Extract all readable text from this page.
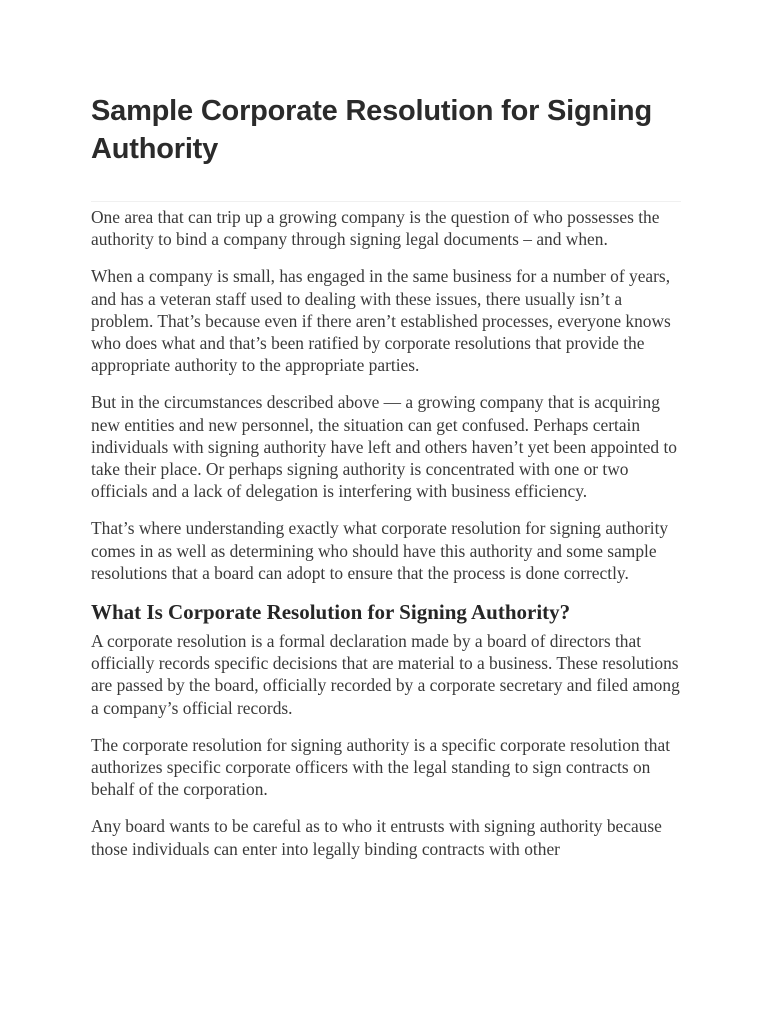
Sample Corporate Resolution for Signing Authority

One area that can trip up a growing company is the question of who possesses the authority to bind a company through signing legal documents – and when.

When a company is small, has engaged in the same business for a number of years, and has a veteran staff used to dealing with these issues, there usually isn’t a problem. That’s because even if there aren’t established processes, everyone knows who does what and that’s been ratified by corporate resolutions that provide the appropriate authority to the appropriate parties.

But in the circumstances described above — a growing company that is acquiring new entities and new personnel, the situation can get confused. Perhaps certain individuals with signing authority have left and others haven’t yet been appointed to take their place. Or perhaps signing authority is concentrated with one or two officials and a lack of delegation is interfering with business efficiency.

That’s where understanding exactly what corporate resolution for signing authority comes in as well as determining who should have this authority and some sample resolutions that a board can adopt to ensure that the process is done correctly.

What Is Corporate Resolution for Signing Authority?

A corporate resolution is a formal declaration made by a board of directors that officially records specific decisions that are material to a business. These resolutions are passed by the board, officially recorded by a corporate secretary and filed among a company’s official records.

The corporate resolution for signing authority is a specific corporate resolution that authorizes specific corporate officers with the legal standing to sign contracts on behalf of the corporation.

Any board wants to be careful as to who it entrusts with signing authority because those individuals can enter into legally binding contracts with other
